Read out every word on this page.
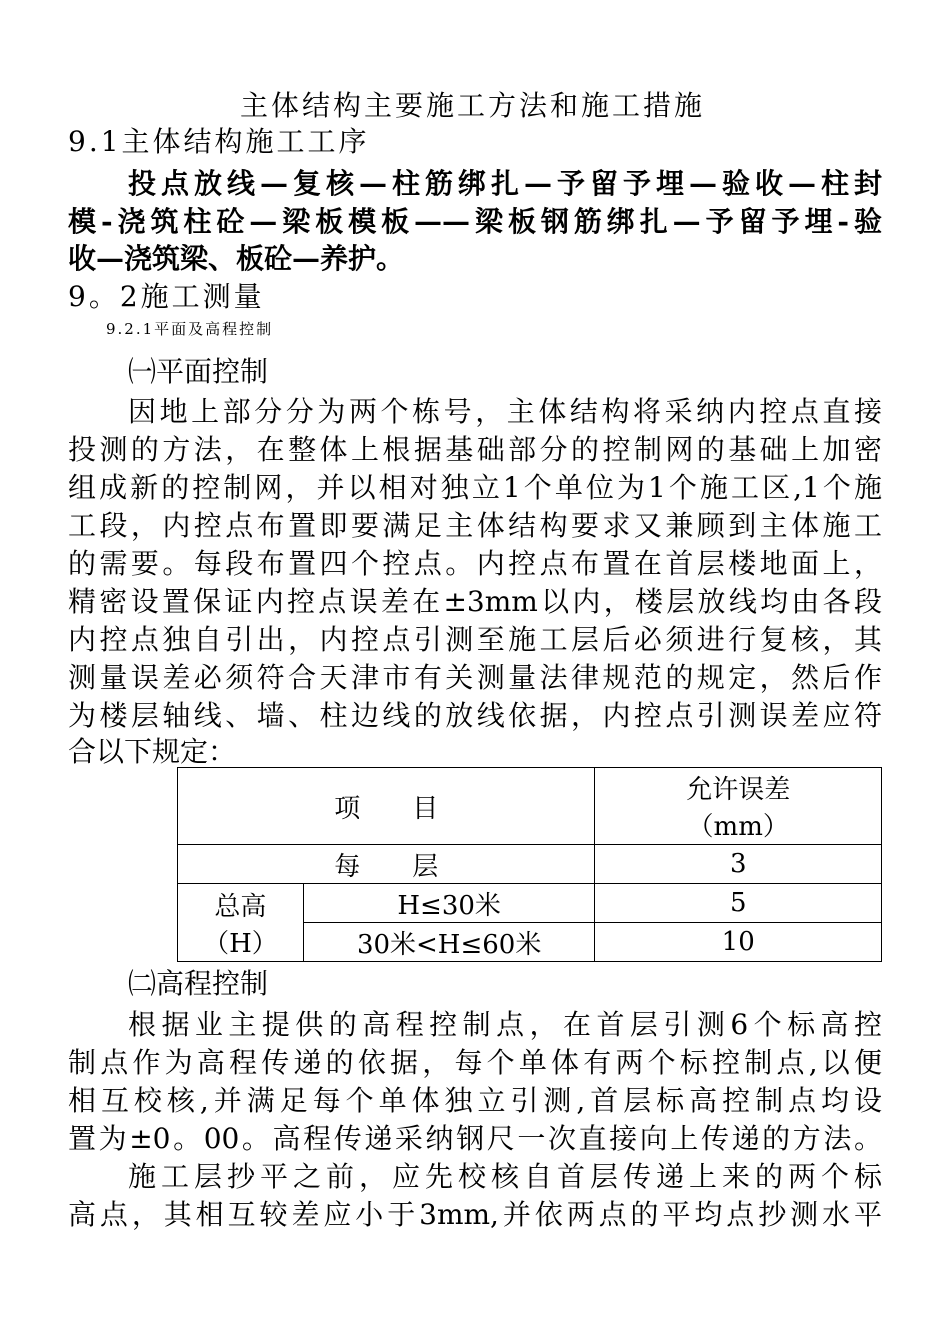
主体结构主要施工方法和施工措施
9.1主体结构施工工序
投点放线—复核—柱筋绑扎—予留予埋—验收—柱封
模-浇筑柱砼—梁板模板——梁板钢筋绑扎—予留予埋-验
收—浇筑梁、板砼—养护。
9。2施工测量
9.2.1平面及高程控制
㈠平面控制
因地上部分分为两个栋号，主体结构将采纳内控点直接
投测的方法，在整体上根据基础部分的控制网的基础上加密
组成新的控制网，并以相对独立1个单位为1个施工区,1个施
工段，内控点布置即要满足主体结构要求又兼顾到主体施工
的需要。每段布置四个控点。内控点布置在首层楼地面上，
精密设置保证内控点误差在±3mm以内，楼层放线均由各段
内控点独自引出，内控点引测至施工层后必须进行复核，其
测量误差必须符合天津市有关测量法律规范的规定，然后作
为楼层轴线、墙、柱边线的放线依据，内控点引测误差应符
合以下规定：
项　　目		允许误差
（mm）

每　　层		3

总高
（H）	H≤30米	5
	30米<H≤60米	10
㈡高程控制
根据业主提供的高程控制点，在首层引测6个标高控
制点作为高程传递的依据，每个单体有两个标控制点,以便
相互校核,并满足每个单体独立引测,首层标高控制点均设
置为±0。00。高程传递采纳钢尺一次直接向上传递的方法。
施工层抄平之前，应先校核自首层传递上来的两个标
高点，其相互较差应小于3mm,并依两点的平均点抄测水平
